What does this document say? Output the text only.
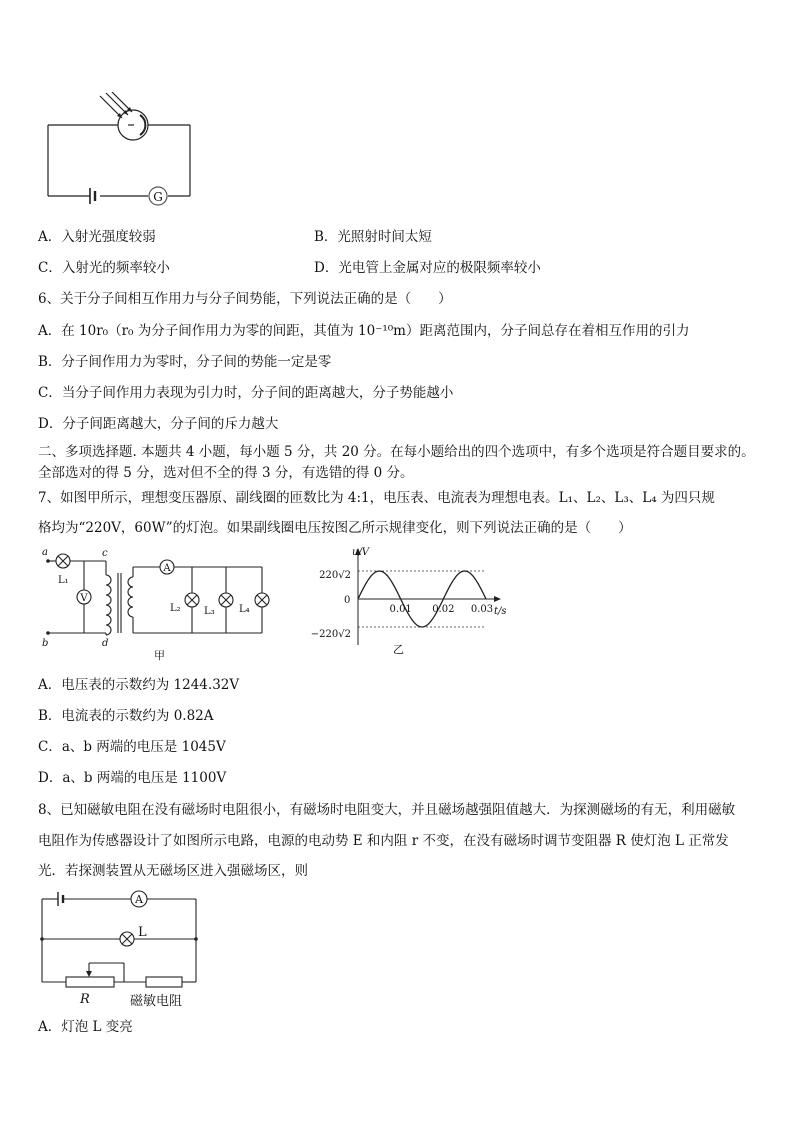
G
A．入射光强度较弱	B．光照射时间太短
C．入射光的频率较小	D．光电管上金属对应的极限频率较小
6、关于分子间相互作用力与分子间势能，下列说法正确的是（　　）
A．在 10r₀（r₀ 为分子间作用力为零的间距，其值为 10⁻¹⁰m）距离范围内，分子间总存在着相互作用的引力
B．分子间作用力为零时，分子间的势能一定是零
C．当分子间作用力表现为引力时，分子间的距离越大，分子势能越小
D．分子间距离越大，分子间的斥力越大
二、多项选择题. 本题共 4 小题，每小题 5 分，共 20 分。在每小题给出的四个选项中，有多个选项是符合题目要求的。全部选对的得 5 分，选对但不全的得 3 分，有选错的得 0 分。
7、如图甲所示，理想变压器原、副线圈的匝数比为 4:1，电压表、电流表为理想电表。L₁、L₂、L₃、L₄ 为四只规
格均为“220V，60W”的灯泡。如果副线圈电压按图乙所示规律变化，则下列说法正确的是（　　）
a
b
c
d
L₁
L₂ L₃ L₄
V
A
甲
0.01 0.02 0.03
u/V
t/s
220√2
−220√2
0
乙
A．电压表的示数约为 1244.32V
B．电流表的示数约为 0.82A
C．a、b 两端的电压是 1045V
D．a、b 两端的电压是 1100V
8、已知磁敏电阻在没有磁场时电阻很小，有磁场时电阻变大，并且磁场越强阻值越大．为探测磁场的有无，利用磁敏
电阻作为传感器设计了如图所示电路，电源的电动势 E 和内阻 r 不变，在没有磁场时调节变阻器 R 使灯泡 L 正常发
光．若探测装置从无磁场区进入强磁场区，则
A
L
R	磁敏电阻
A．灯泡 L 变亮
